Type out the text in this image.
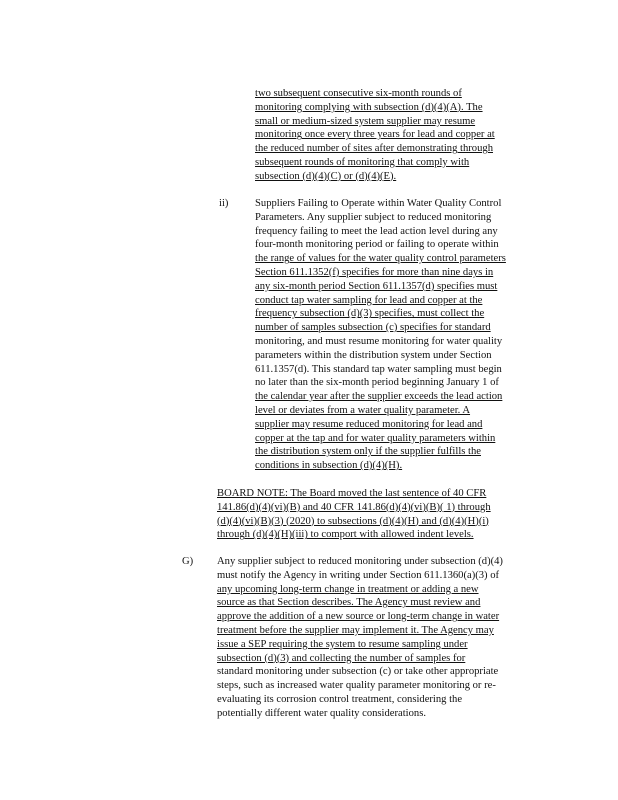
two subsequent consecutive six-month rounds of
monitoring complying with subsection (d)(4)(A). The
small or medium-sized system supplier may resume
monitoring once every three years for lead and copper at
the reduced number of sites after demonstrating through
subsequent rounds of monitoring that comply with
subsection (d)(4)(C) or (d)(4)(E).
ii)	Suppliers Failing to Operate within Water Quality Control
Parameters. Any supplier subject to reduced monitoring
frequency failing to meet the lead action level during any
four-month monitoring period or failing to operate within
the range of values for the water quality control parameters
Section 611.1352(f) specifies for more than nine days in
any six-month period Section 611.1357(d) specifies must
conduct tap water sampling for lead and copper at the
frequency subsection (d)(3) specifies, must collect the
number of samples subsection (c) specifies for standard
monitoring, and must resume monitoring for water quality
parameters within the distribution system under Section
611.1357(d). This standard tap water sampling must begin
no later than the six-month period beginning January 1 of
the calendar year after the supplier exceeds the lead action
level or deviates from a water quality parameter. A
supplier may resume reduced monitoring for lead and
copper at the tap and for water quality parameters within
the distribution system only if the supplier fulfills the
conditions in subsection (d)(4)(H).
BOARD NOTE: The Board moved the last sentence of 40 CFR
141.86(d)(4)(vi)(B) and 40 CFR 141.86(d)(4)(vi)(B)( 1) through
(d)(4)(vi)(B)(3) (2020) to subsections (d)(4)(H) and (d)(4)(H)(i)
through (d)(4)(H)(iii) to comport with allowed indent levels.
G) Any supplier subject to reduced monitoring under subsection (d)(4)
must notify the Agency in writing under Section 611.1360(a)(3) of
any upcoming long-term change in treatment or adding a new
source as that Section describes. The Agency must review and
approve the addition of a new source or long-term change in water
treatment before the supplier may implement it. The Agency may
issue a SEP requiring the system to resume sampling under
subsection (d)(3) and collecting the number of samples for
standard monitoring under subsection (c) or take other appropriate
steps, such as increased water quality parameter monitoring or re-
evaluating its corrosion control treatment, considering the
potentially different water quality considerations.
